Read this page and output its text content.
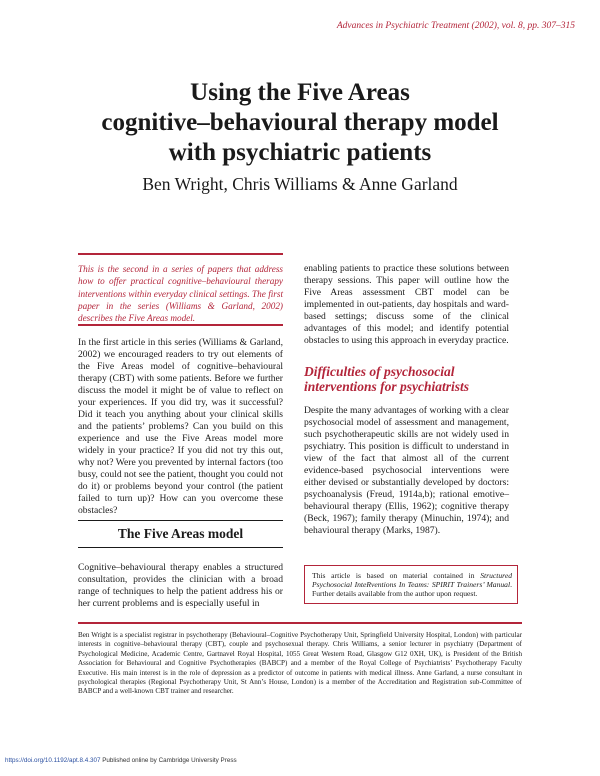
Advances in Psychiatric Treatment (2002), vol. 8, pp. 307–315
Using the Five Areas
cognitive–behavioural therapy model
with psychiatric patients
Ben Wright, Chris Williams & Anne Garland
This is the second in a series of papers that address how to offer practical cognitive–behavioural therapy interventions within everyday clinical settings. The first paper in the series (Williams & Garland, 2002) describes the Five Areas model.
In the first article in this series (Williams & Garland, 2002) we encouraged readers to try out elements of the Five Areas model of cognitive–behavioural therapy (CBT) with some patients. Before we further discuss the model it might be of value to reflect on your experiences. If you did try, was it successful? Did it teach you anything about your clinical skills and the patients’ problems? Can you build on this experience and use the Five Areas model more widely in your practice? If you did not try this out, why not? Were you prevented by internal factors (too busy, could not see the patient, thought you could not do it) or problems beyond your control (the patient failed to turn up)? How can you overcome these obstacles?
The Five Areas model
Cognitive–behavioural therapy enables a structured consultation, provides the clinician with a broad range of techniques to help the patient address his or her current problems and is especially useful in
enabling patients to practice these solutions between therapy sessions. This paper will outline how the Five Areas assessment CBT model can be implemented in out-patients, day hospitals and ward-based settings; discuss some of the clinical advantages of this model; and identify potential obstacles to using this approach in everyday practice.
Difficulties of psychosocial
interventions for psychiatrists
Despite the many advantages of working with a clear psychosocial model of assessment and management, such psychotherapeutic skills are not widely used in psychiatry. This position is difficult to understand in view of the fact that almost all of the current evidence-based psychosocial interventions were either devised or substantially developed by doctors: psychoanalysis (Freud, 1914a,b); rational emotive–behavioural therapy (Ellis, 1962); cognitive therapy (Beck, 1967); family therapy (Minuchin, 1974); and behavioural therapy (Marks, 1987).
This article is based on material contained in Structured Psychosocial InteRventions In Teams: SPIRIT Trainers’ Manual. Further details available from the author upon request.
Ben Wright is a specialist registrar in psychotherapy (Behavioural–Cognitive Psychotherapy Unit, Springfield University Hospital, London) with particular interests in cognitive–behavioural therapy (CBT), couple and psychosexual therapy. Chris Williams, a senior lecturer in psychiatry (Department of Psychological Medicine, Academic Centre, Gartnavel Royal Hospital, 1055 Great Western Road, Glasgow G12 0XH, UK), is President of the British Association for Behavioural and Cognitive Psychotherapies (BABCP) and a member of the Royal College of Psychiatrists’ Psychotherapy Faculty Executive. His main interest is in the role of depression as a predictor of outcome in patients with medical illness. Anne Garland, a nurse consultant in psychological therapies (Regional Psychotherapy Unit, St Ann’s House, London) is a member of the Accreditation and Registration sub-Committee of BABCP and a well-known CBT trainer and researcher.
https://doi.org/10.1192/apt.8.4.307 Published online by Cambridge University Press
